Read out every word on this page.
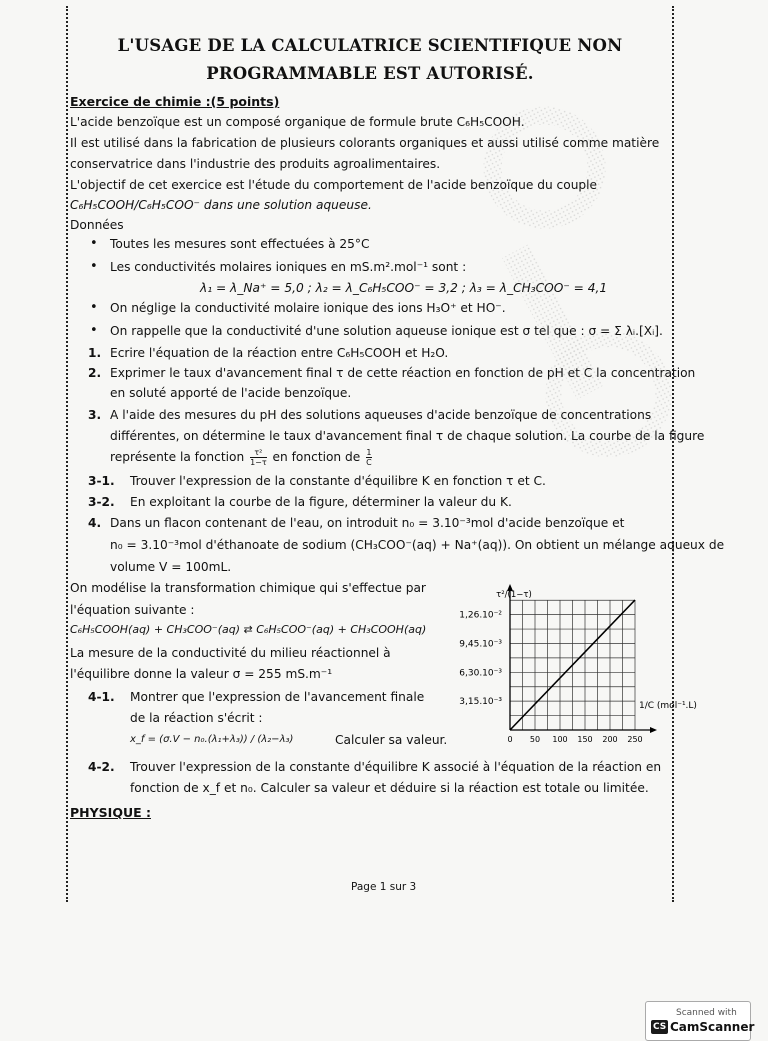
L'USAGE DE LA CALCULATRICE SCIENTIFIQUE NON
PROGRAMMABLE EST AUTORISÉ.
Exercice de chimie :(5 points)
L'acide benzoïque est un composé organique de formule brute C₆H₅COOH.
Il est utilisé dans la fabrication de plusieurs colorants organiques et aussi utilisé comme matière
conservatrice dans l'industrie des produits agroalimentaires.
L'objectif de cet exercice est l'étude du comportement de l'acide benzoïque du couple
C₆H₅COOH/C₆H₅COO⁻ dans une solution aqueuse.
Données
• Toutes les mesures sont effectuées à 25°C
• Les conductivités molaires ioniques en mS.m².mol⁻¹ sont :
λ₁ = λ_Na⁺ = 5,0 ; λ₂ = λ_C₆H₅COO⁻ = 3,2 ; λ₃ = λ_CH₃COO⁻ = 4,1
• On néglige la conductivité molaire ionique des ions H₃O⁺ et HO⁻.
• On rappelle que la conductivité d'une solution aqueuse ionique est σ tel que : σ = Σ λᵢ.[Xᵢ].
1. Ecrire l'équation de la réaction entre C₆H₅COOH et H₂O.
2. Exprimer le taux d'avancement final τ de cette réaction en fonction de pH et C la concentration
en soluté apporté de l'acide benzoïque.
3. A l'aide des mesures du pH des solutions aqueuses d'acide benzoïque de concentrations
différentes, on détermine le taux d'avancement final τ de chaque solution. La courbe de la figure
représente la fonction $\frac{\text{τ²}}{1-\tau}$ en fonction de $\frac{1}{C}$
3-1. Trouver l'expression de la constante d'équilibre K en fonction τ et C.
3-2. En exploitant la courbe de la figure, déterminer la valeur du K.
4. Dans un flacon contenant de l'eau, on introduit n₀ = 3.10⁻³mol d'acide benzoïque et
n₀ = 3.10⁻³mol d'éthanoate de sodium (CH₃COO⁻(aq) + Na⁺(aq)). On obtient un mélange aqueux de
volume V = 100mL.
On modélise la transformation chimique qui s'effectue par
l'équation suivante :
C₆H₅COOH(aq) + CH₃COO⁻(aq) ⇄ C₆H₅COO⁻(aq) + CH₃COOH(aq)
La mesure de la conductivité du milieu réactionnel à
l'équilibre donne la valeur σ = 255 mS.m⁻¹
4-1. Montrer que l'expression de l'avancement finale
de la réaction s'écrit :
x_f = (σ.V − n₀.(λ₁+λ₃)) / (λ₂−λ₃)	Calculer sa valeur.
4-2. Trouver l'expression de la constante d'équilibre K associé à l'équation de la réaction en
fonction de x_f et n₀. Calculer sa valeur et déduire si la réaction est totale ou limitée.
PHYSIQUE :
3,15.10⁻³
6,30.10⁻³
9,45.10⁻³
1,26.10⁻²
0 50 100 150 200 250
τ²/(1−τ)
1/C (mol⁻¹.L)
Page 1 sur 3
Scanned with
CS CamScanner
